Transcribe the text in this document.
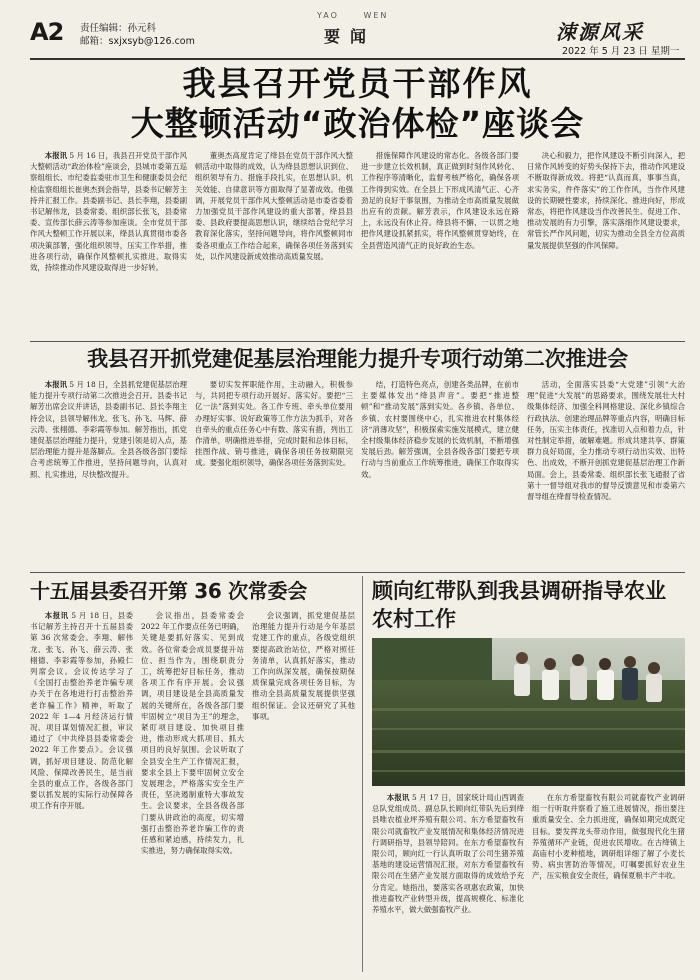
A2 责任编辑：孙元科
邮箱：sxjxsyb@126.com
YAO	WEN
要闻	涑源风采
2022 年 5 月 23 日 星期一
我县召开党员干部作风
大整顿活动“政治体检”座谈会

本报讯 5 月 16 日，我县召开党员干部作风大整顿活动“政治体检”座谈会，县城市委第五巡察组组长、市纪委监委驻市卫生和健康委员会纪检监察组组长崔奥杰到会指导，县委书记解芳主持并汇报工作。县委副书记、县长李翔，县委副书记解伟龙，县委常委、组织部长张飞，县委常委、宣传部长薛云涛等参加座谈。全市党员干部作风大整顿工作开展以来，绛县认真贯彻市委各项决策部署，强化组织领导，压实工作举措，推进各项行动，确保作风整顿扎实推进、取得实效，持续推动作风建设取得进一步好转。

董奥杰高度肯定了绛县在党员干部作风大整顿活动中取得的成效，认为绛县思想认识到位、组织领导有力、措施手段扎实，在思想认识、机关效能、自律意识等方面取得了显著成效。他强调，开展党员干部作风大整顿活动是市委省委着力加强党员干部作风建设的重大部署，绛县县委、县政府要提高思想认识，继续结合党纪学习教育深化落实，坚持问题导向，将作风整顿同市委各项重点工作结合起来，确保各项任务落到实处，以作风建设新成效推动高质量发展。

措施保障作风建设的常态化。各级各部门要进一步建立长效机制，真正做到时刻作风转化、工作程序等清晰化，监督考核严格化，确保各项工作得到实效。在全县上下形成风清气正、心齐劲足的良好干事氛围，为推动全市高质量发展做出应有的贡献。解芳表示，作风建设永远在路上，永远没有休止符。绛县将不懈、一以贯之地把作风建设抓紧抓实，将作风整顿贯穿始终，在全县营造风清气正的良好政治生态。

决心和毅力，把作风建设不断引向深入，把日常作风转变的好势头保持下去，推动作风建设不断取得新成效。将把“认真而真，事事当真，求实务实，件件落实”的工作作风，当作作风建设的长期硬性要求，持续深化、推进向好，形成常态，将把作风建设当作改善民生、促进工作、推动发展的有力引擎，落实落细作风建设要求，常管长严作风问题，切实为推动全县全方位高质量发展提供坚强的作风保障。

我县召开抓党建促基层治理能力提升专项行动第二次推进会

本报讯 5 月 18 日，全县抓党建促基层治理能力提升专项行动第二次推进会召开。县委书记解芳出席会议并讲话，县委副书记、县长李翔主持会议，县领导解伟龙、张飞、孙飞、马辉、薛云涛、张栩德、李彩霞等参加。解芳指出，抓党建促基层治理能力提升，党建引领是切入点，基层治理能力提升是落脚点。全县各级各部门要综合考虑统筹工作推进，坚持问题导向，认真对照、扎实推进，尽快整改提升。

要切实发挥职能作用，主动融入，积极参与，共同把专项行动开展好、落实好。要把“三亿一法”落到实处。各工作专班、牵头单位要用办理好实事、说好政策等工作方法为抓手，对各自牵头的重点任务心中有数、落实有措，列出工作清单，明确推进举措，完成时限和总体目标，挂图作战、销号推进，确保各项任务按期限完成。要强化组织领导，确保各项任务落到实处。

结，打造特色亮点，创建各类品牌，在前市主要媒体发出“绛县声音”。要把“推进整顿”和“推动发展”落到实处。各乡镇、各单位、乡镇、农村要围绕中心，扎实推进农村集体经济“消薄攻坚”，积极探索实施发展模式，建立健全村级集体经济稳步发展的长效机制，不断增强发展后劲。解芳强调，全县各级各部门要把专项行动与当前重点工作统筹推进，确保工作取得实效。

活动，全面落实县委“大党建”引领“大治理”促进“大发展”的思路要求，围绕发展壮大村级集体经济、加强全科网格建设、深化乡镇综合行政执法、创建治理品牌等重点内容，明确目标任务，压实主体责任，找准切入点和着力点，针对性制定举措，破解难题。形成共建共享、群策群力良好局面，全力推动专项行动出实效、出特色、出成效，不断开创抓党建促基层治理工作新局面。会上，县委常委、组织部长张飞通报了省第十一督导组对我市的督导反馈意见和市委第六督导组在绛督导检查情况。

十五届县委召开第 36 次常委会

本报讯 5 月 18 日，县委书记解芳主持召开十五届县委第 36 次常委会。李翔、解伟龙、张飞、孙飞、薛云涛、张栩德、李彩霞等参加，孙殿仁列席会议。会议传达学习了《全国打击整治养老诈骗专项办关于在各地进行打击整治养老诈骗工作》精神，听取了 2022 年 1—4 月经济运行情况、项目谋划情况汇报，审议通过了《中共绛县县委常委会 2022 年工作要点》。会议强调，抓好项目建设、防范化解风险、保障改善民生，是当前全县的重点工作，各级各部门要以抓发展的实际行动保障各项工作有序开展。

会议指出，县委常委会 2022 年工作要点任务已明确，关键是要抓好落实、见到成效。各位常委会成员要提升站位、担当作为，围绕职责分工，统筹把好目标任务，推动各项工作有序开展。会议强调，项目建设是全县高质量发展的关键所在，各级各部门要牢固树立“项目为王”的理念，紧盯项目建设、加快项目推进，推动形成大抓项目、抓大项目的良好氛围。会议听取了全县安全生产工作情况汇报，要求全县上下要牢固树立安全发展理念，严格落实安全生产责任，坚决遏制重特大事故发生。会议要求，全县各级各部门要从讲政治的高度，切实增强打击整治养老诈骗工作的责任感和紧迫感，持续发力，扎实推进，努力确保取得实效。

会议强调，抓党建促基层治理能力提升行动是今年基层党建工作的重点，各级党组织要提高政治站位，严格对照任务清单，认真抓好落实，推动工作向纵深发展，确保按期保质保量完成各项任务目标，为推动全县高质量发展提供坚强组织保证。会议还研究了其他事项。

顾向红带队到我县调研指导农业农村工作

本报讯 5 月 17 日，国家统计局山西调查总队党组成员、副总队长顾向红带队先后到绛县唯农植业坪养殖有限公司、东方希望畜牧有限公司就畜牧产业发展情况和集体经济情况进行调研指导，县领导陪同。在东方希望畜牧有限公司，顾向红一行认真听取了公司生猪养殖基地的建设运营情况汇报，对东方希望畜牧有限公司在生猪产业发展方面取得的成效给予充分肯定。她指出，要落实各项惠农政策，加快推进畜牧产业转型升级，提高规模化、标准化养殖水平，做大做强畜牧产业。

在东方希望畜牧有限公司就畜牧产业调研组一行听取并察看了施工进展情况，指出要注重质量安全、全力抓进度，确保如期完成既定目标。要发挥龙头带动作用，做强现代化生猪养殖循环产业链，促进农民增收。在古绛镇上高庙村小麦种植地，调研组详细了解了小麦长势、病虫害防治等情况，叮嘱要抓好农业生产，压实粮食安全责任，确保夏粮丰产丰收。
